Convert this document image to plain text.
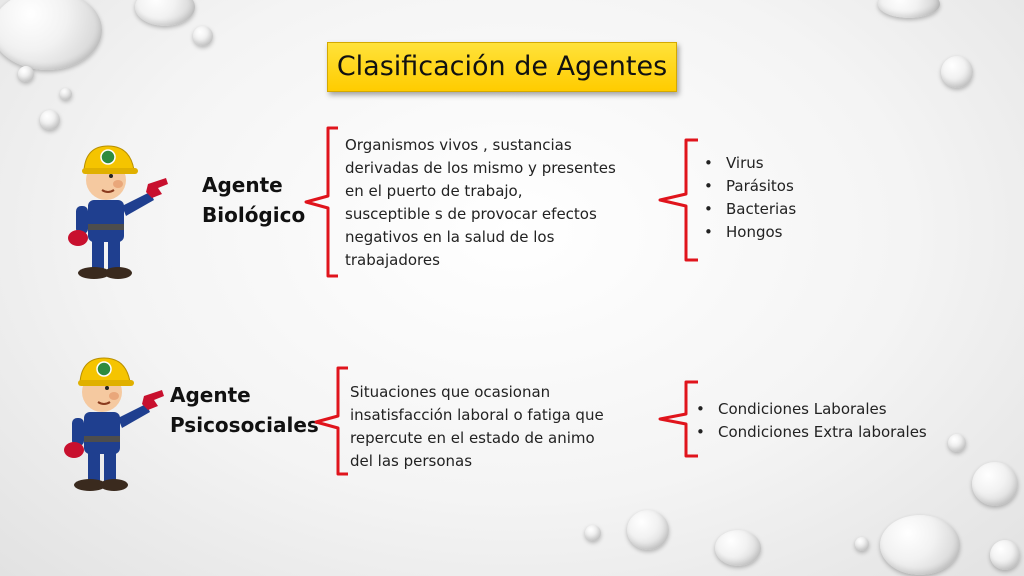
Clasificación de Agentes
Agente
Biológico
Organismos vivos , sustancias
derivadas de los mismo y presentes
en el puerto de trabajo,
susceptible s de provocar efectos
negativos en la salud de los
trabajadores
• Virus
• Parásitos
• Bacterias
• Hongos
Agente
Psicosociales
Situaciones que ocasionan
insatisfacción laboral o fatiga que
repercute en el estado de animo
del las personas
• Condiciones Laborales
• Condiciones Extra laborales
